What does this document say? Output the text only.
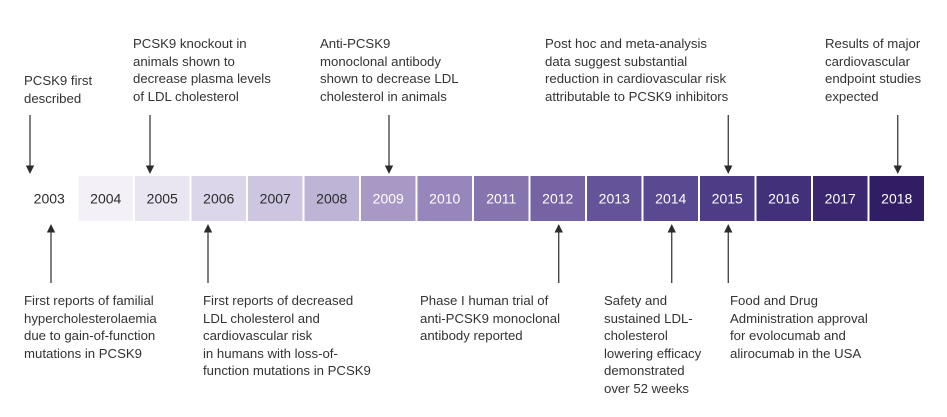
2003 2004 2005 2006 2007 2008 2009 2010 2011 2012 2013 2014 2015 2016 2017 2018
PCSK9 first
described
PCSK9 knockout in
animals shown to
decrease plasma levels
of LDL cholesterol
Anti-PCSK9
monoclonal antibody
shown to decrease LDL
cholesterol in animals
Post hoc and meta-analysis
data suggest substantial
reduction in cardiovascular risk
attributable to PCSK9 inhibitors
Results of major
cardiovascular
endpoint studies
expected
First reports of familial
hypercholesterolaemia
due to gain-of-function
mutations in PCSK9
First reports of decreased
LDL cholesterol and
cardiovascular risk
in humans with loss-of-
function mutations in PCSK9
Phase I human trial of
anti-PCSK9 monoclonal
antibody reported
Safety and
sustained LDL-
cholesterol
lowering efficacy
demonstrated
over 52 weeks
Food and Drug
Administration approval
for evolocumab and
alirocumab in the USA
